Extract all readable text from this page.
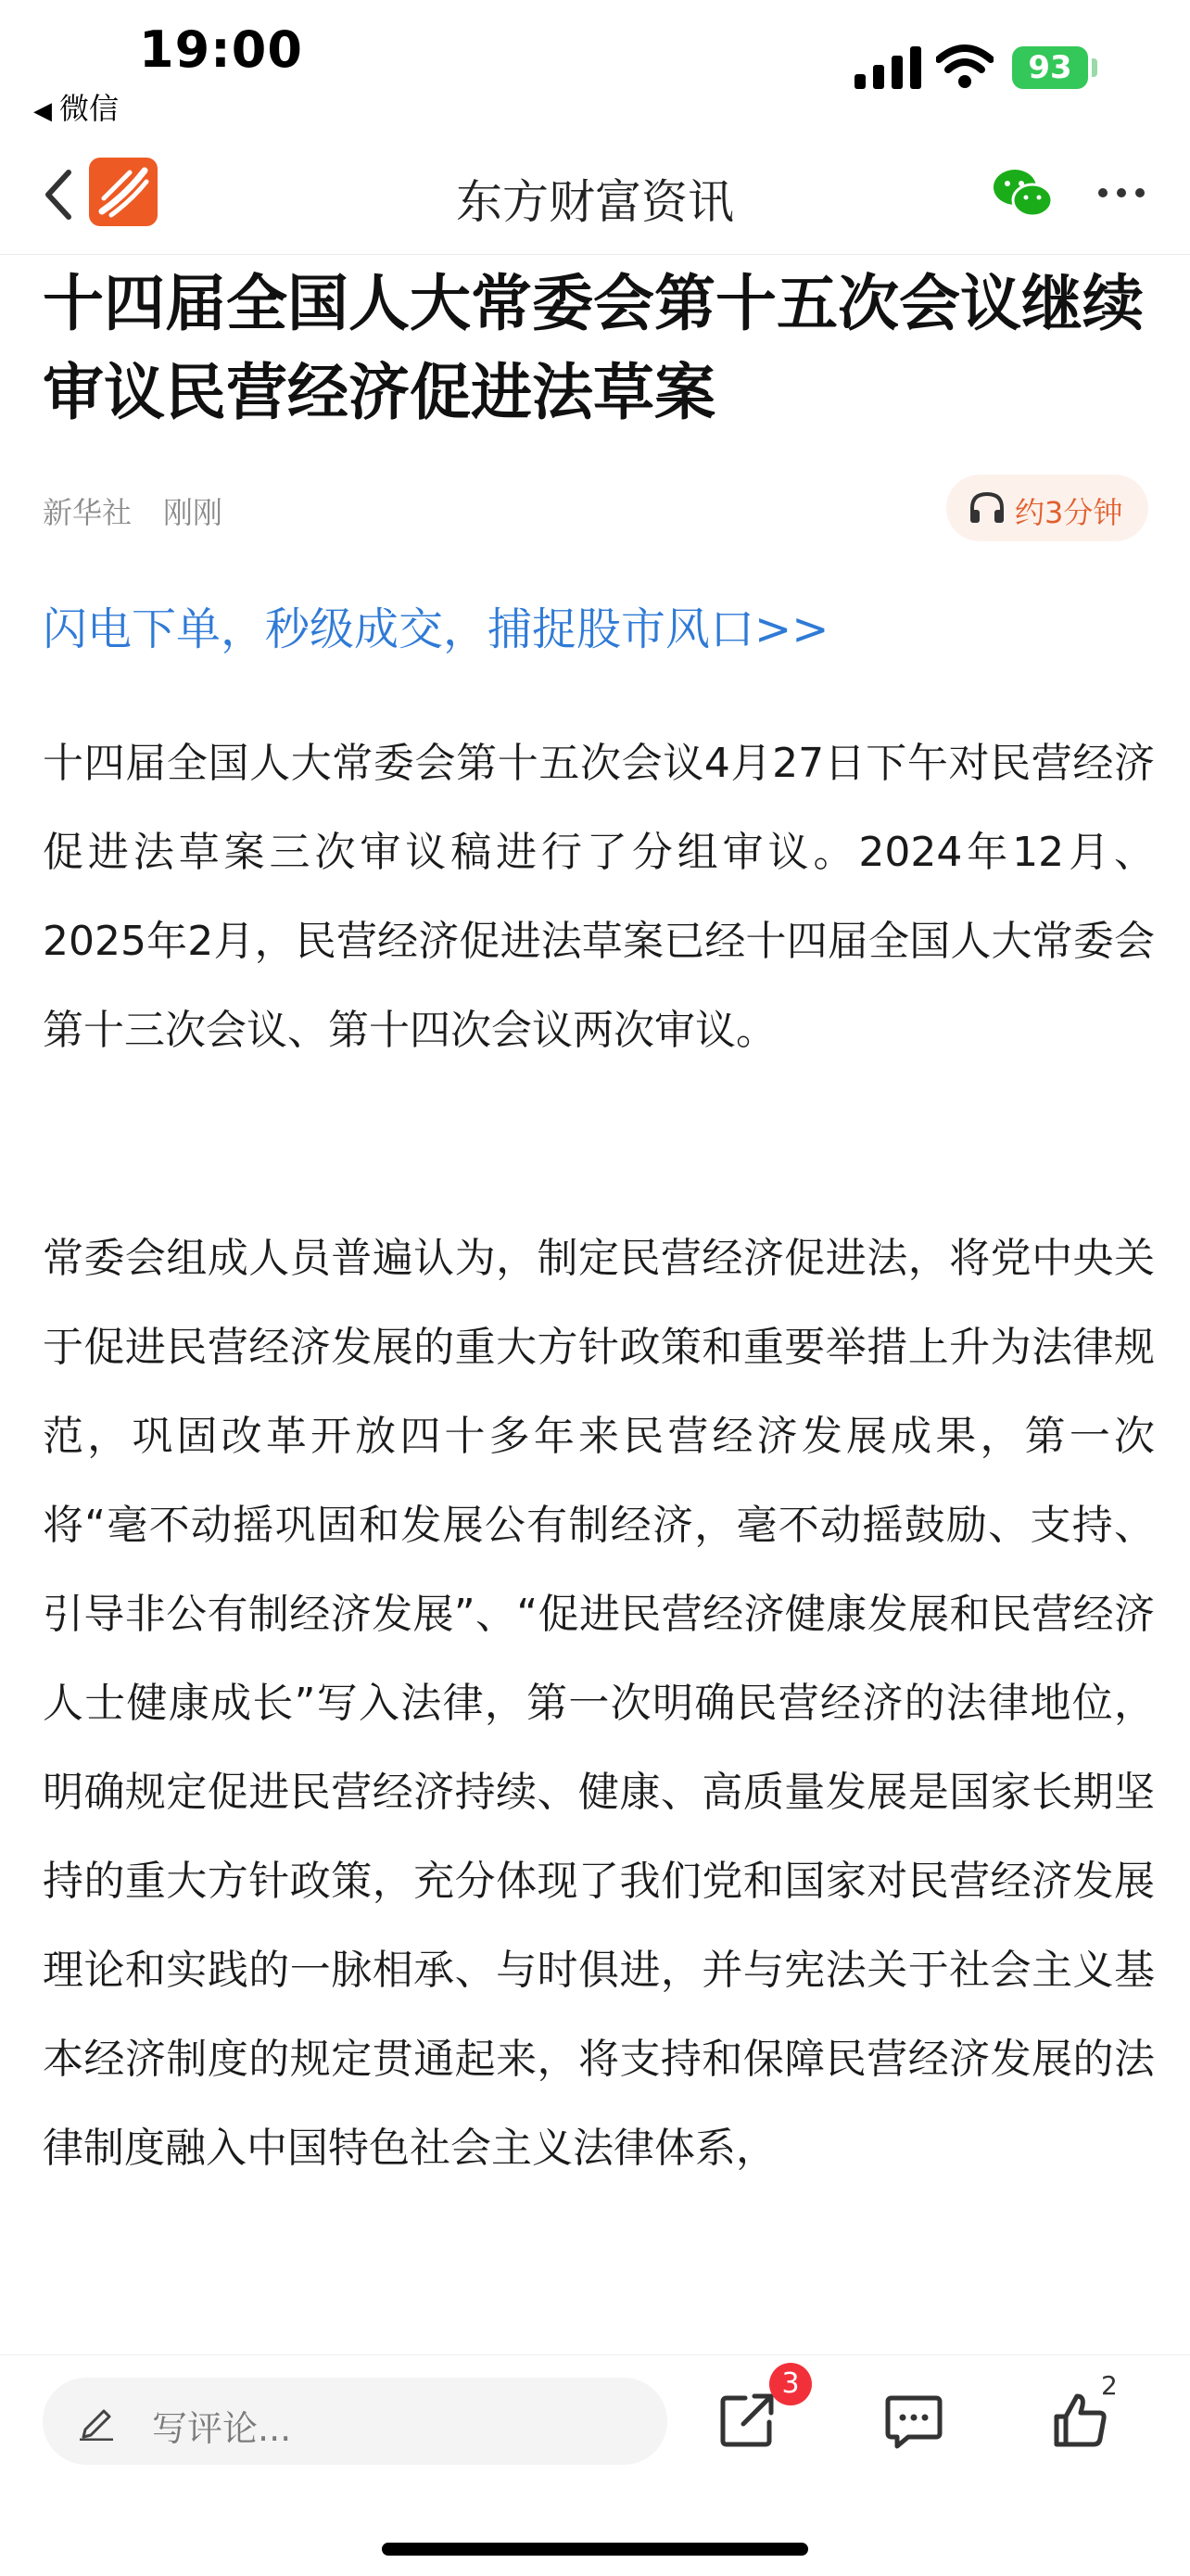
19:00
◀ 微信
93
东方财富资讯
十四届全国人大常委会第十五次会议继续审议民营经济促进法草案
新华社 刚刚	约3分钟
闪电下单，秒级成交，捕捉股市风口>>

十四届全国人大常委会第十五次会议4月27日下午对民营经济促进法草案三次审议稿进行了分组审议。2024年12月、2025年2月，民营经济促进法草案已经十四届全国人大常委会第十三次会议、第十四次会议两次审议。

常委会组成人员普遍认为，制定民营经济促进法，将党中央关于促进民营经济发展的重大方针政策和重要举措上升为法律规范，巩固改革开放四十多年来民营经济发展成果，第一次将“毫不动摇巩固和发展公有制经济，毫不动摇鼓励、支持、引导非公有制经济发展”、“促进民营经济健康发展和民营经济人士健康成长”写入法律，第一次明确民营经济的法律地位，明确规定促进民营经济持续、健康、高质量发展是国家长期坚持的重大方针政策，充分体现了我们党和国家对民营经济发展理论和实践的一脉相承、与时俱进，并与宪法关于社会主义基本经济制度的规定贯通起来，将支持和保障民营经济发展的法律制度融入中国特色社会主义法律体系，

写评论...
3	2
